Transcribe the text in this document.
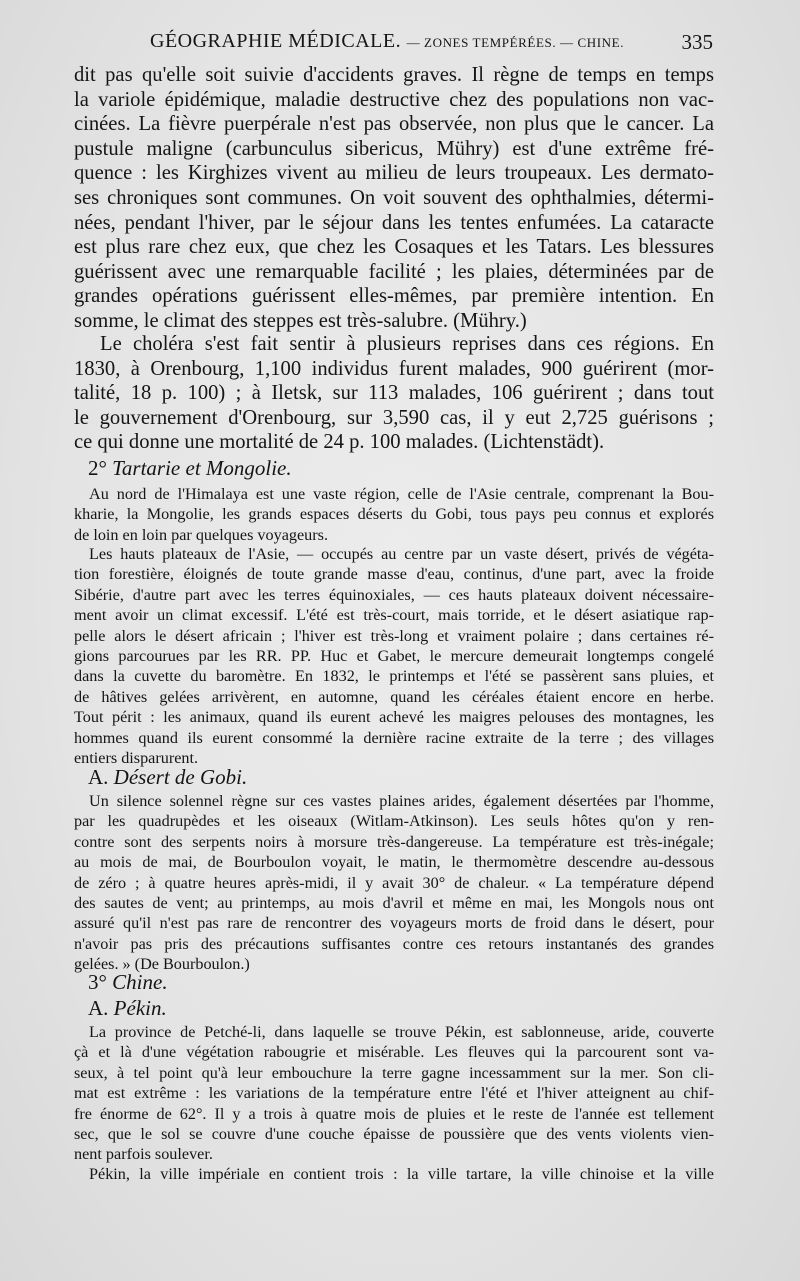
GÉOGRAPHIE MÉDICALE. — ZONES TEMPÉRÉES. — CHINE.	335

dit pas qu'elle soit suivie d'accidents graves. Il règne de temps en temps

la variole épidémique, maladie destructive chez des populations non vac-

cinées. La fièvre puerpérale n'est pas observée, non plus que le cancer. La

pustule maligne (carbunculus sibericus, Mühry) est d'une extrême fré-

quence : les Kirghizes vivent au milieu de leurs troupeaux. Les dermato-

ses chroniques sont communes. On voit souvent des ophthalmies, détermi-

nées, pendant l'hiver, par le séjour dans les tentes enfumées. La cataracte

est plus rare chez eux, que chez les Cosaques et les Tatars. Les blessures

guérissent avec une remarquable facilité ; les plaies, déterminées par de

grandes opérations guérissent elles-mêmes, par première intention. En

somme, le climat des steppes est très-salubre. (Mühry.)

Le choléra s'est fait sentir à plusieurs reprises dans ces régions. En

1830, à Orenbourg, 1,100 individus furent malades, 900 guérirent (mor-

talité, 18 p. 100) ; à Iletsk, sur 113 malades, 106 guérirent ; dans tout

le gouvernement d'Orenbourg, sur 3,590 cas, il y eut 2,725 guérisons ;

ce qui donne une mortalité de 24 p. 100 malades. (Lichtenstädt).

2° Tartarie et Mongolie.

Au nord de l'Himalaya est une vaste région, celle de l'Asie centrale, comprenant la Bou-

kharie, la Mongolie, les grands espaces déserts du Gobi, tous pays peu connus et explorés

de loin en loin par quelques voyageurs.

Les hauts plateaux de l'Asie, — occupés au centre par un vaste désert, privés de végéta-

tion forestière, éloignés de toute grande masse d'eau, continus, d'une part, avec la froide

Sibérie, d'autre part avec les terres équinoxiales, — ces hauts plateaux doivent nécessaire-

ment avoir un climat excessif. L'été est très-court, mais torride, et le désert asiatique rap-

pelle alors le désert africain ; l'hiver est très-long et vraiment polaire ; dans certaines ré-

gions parcourues par les RR. PP. Huc et Gabet, le mercure demeurait longtemps congelé

dans la cuvette du baromètre. En 1832, le printemps et l'été se passèrent sans pluies, et

de hâtives gelées arrivèrent, en automne, quand les céréales étaient encore en herbe.

Tout périt : les animaux, quand ils eurent achevé les maigres pelouses des montagnes, les

hommes quand ils eurent consommé la dernière racine extraite de la terre ; des villages

entiers disparurent.

A. Désert de Gobi.

Un silence solennel règne sur ces vastes plaines arides, également désertées par l'homme,

par les quadrupèdes et les oiseaux (Witlam-Atkinson). Les seuls hôtes qu'on y ren-

contre sont des serpents noirs à morsure très-dangereuse. La température est très-inégale;

au mois de mai, de Bourboulon voyait, le matin, le thermomètre descendre au-dessous

de zéro ; à quatre heures après-midi, il y avait 30° de chaleur. « La température dépend

des sautes de vent; au printemps, au mois d'avril et même en mai, les Mongols nous ont

assuré qu'il n'est pas rare de rencontrer des voyageurs morts de froid dans le désert, pour

n'avoir pas pris des précautions suffisantes contre ces retours instantanés des grandes

gelées. » (De Bourboulon.)

3° Chine.
A. Pékin.

La province de Petché-li, dans laquelle se trouve Pékin, est sablonneuse, aride, couverte

çà et là d'une végétation rabougrie et misérable. Les fleuves qui la parcourent sont va-

seux, à tel point qu'à leur embouchure la terre gagne incessamment sur la mer. Son cli-

mat est extrême : les variations de la température entre l'été et l'hiver atteignent au chif-

fre énorme de 62°. Il y a trois à quatre mois de pluies et le reste de l'année est tellement

sec, que le sol se couvre d'une couche épaisse de poussière que des vents violents vien-

nent parfois soulever.

Pékin, la ville impériale en contient trois : la ville tartare, la ville chinoise et la ville
